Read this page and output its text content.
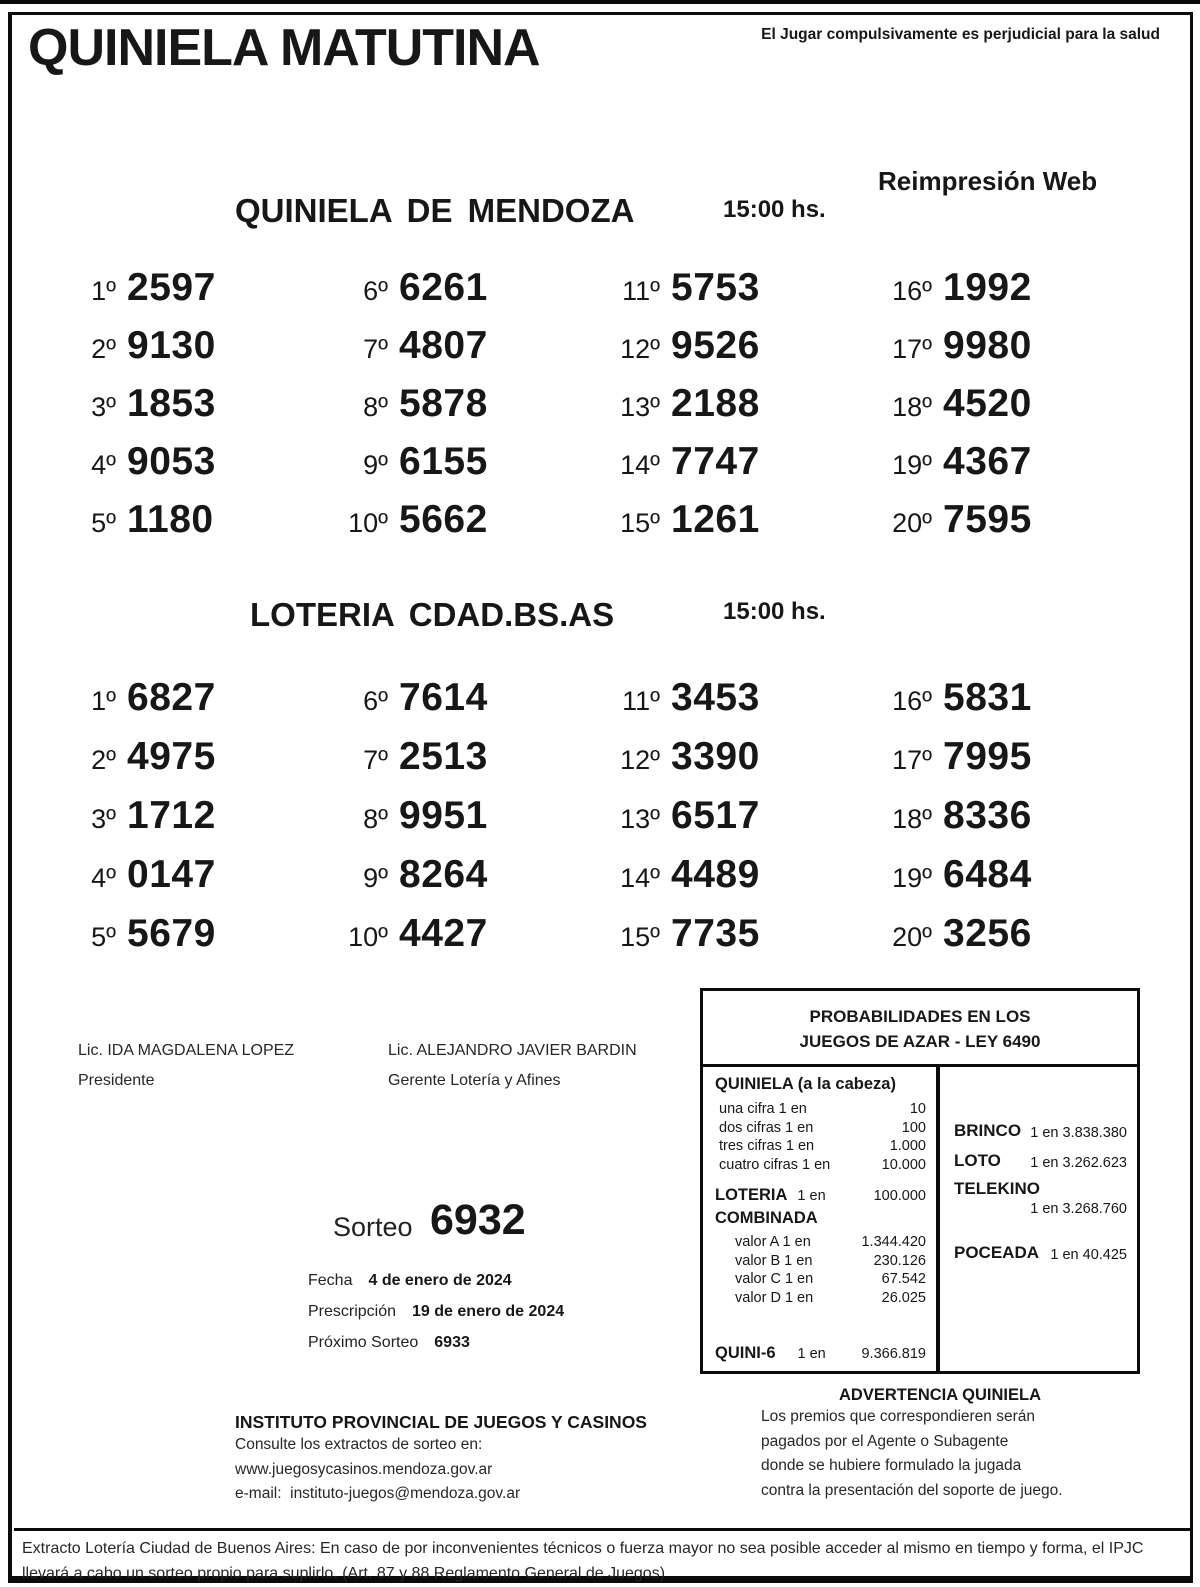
QUINIELA MATUTINA	El Jugar compulsivamente es perjudicial para la salud
Reimpresión Web
QUINIELA DE MENDOZA	15:00 hs.
1º 2597
2º 9130
3º 1853
4º 9053
5º 1180
6º 6261
7º 4807
8º 5878
9º 6155
10º 5662
11º 5753
12º 9526
13º 2188
14º 7747
15º 1261
16º 1992
17º 9980
18º 4520
19º 4367
20º 7595
LOTERIA CDAD.BS.AS	15:00 hs.
1º 6827
2º 4975
3º 1712
4º 0147
5º 5679
6º 7614
7º 2513
8º 9951
9º 8264
10º 4427
11º 3453
12º 3390
13º 6517
14º 4489
15º 7735
16º 5831
17º 7995
18º 8336
19º 6484
20º 3256
Lic. IDA MAGDALENA LOPEZ
Presidente
Lic. ALEJANDRO JAVIER BARDIN
Gerente Lotería y Afines
PROBABILIDADES EN LOS
JUEGOS DE AZAR - LEY 6490
QUINIELA (a la cabeza)
una cifra 1 en	10
dos cifras 1 en	100
tres cifras 1 en	1.000
cuatro cifras 1 en	10.000
LOTERIA 1 en	100.000
COMBINADA
valor A 1 en	1.344.420
valor B 1 en	230.126
valor C 1 en	67.542
valor D 1 en	26.025
QUINI-6 1 en 9.366.819
BRINCO 1 en 3.838.380
LOTO 1 en 3.262.623
TELEKINO
1 en 3.268.760
POCEADA 1 en 40.425
Sorteo 6932
Fecha 4 de enero de 2024
Prescripción 19 de enero de 2024
Próximo Sorteo 6933
ADVERTENCIA QUINIELA
Los premios que correspondieren serán
pagados por el Agente o Subagente
donde se hubiere formulado la jugada
contra la presentación del soporte de juego.
INSTITUTO PROVINCIAL DE JUEGOS Y CASINOS
Consulte los extractos de sorteo en:
www.juegosycasinos.mendoza.gov.ar
e-mail:  instituto-juegos@mendoza.gov.ar
Extracto Lotería Ciudad de Buenos Aires: En caso de por inconvenientes técnicos o fuerza mayor no sea posible acceder al mismo en tiempo y forma, el IPJC llevará a cabo un sorteo propio para suplirlo. (Art. 87 y 88 Reglamento General de Juegos)
